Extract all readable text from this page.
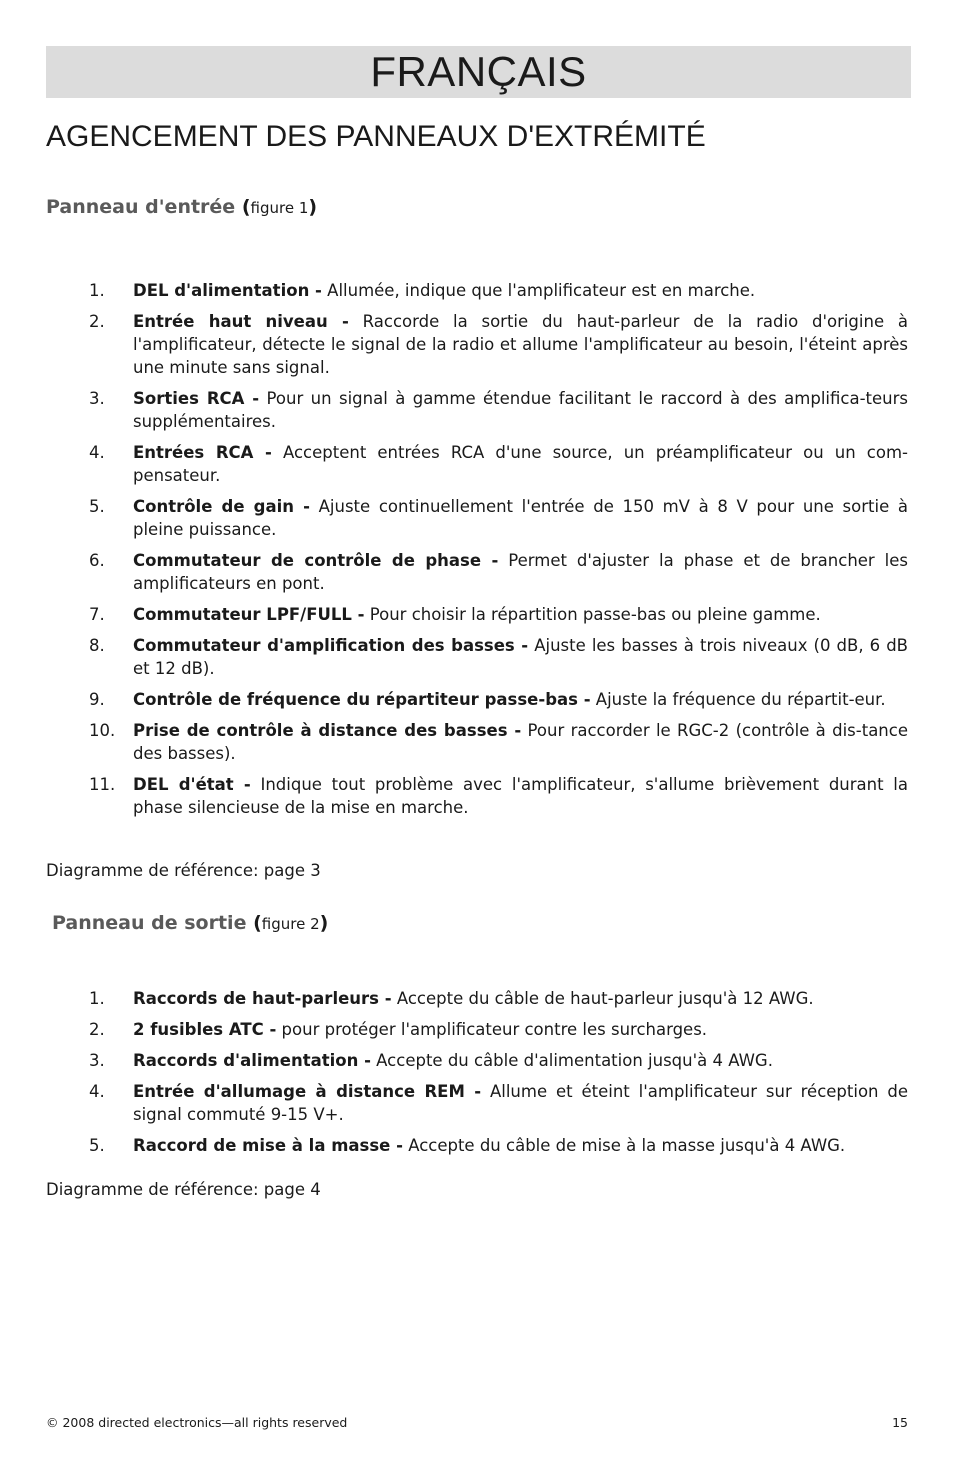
FRANÇAIS
AGENCEMENT DES PANNEAUX D'EXTRÉMITÉ
Panneau d'entrée (figure 1)
1. DEL d'alimentation - Allumée, indique que l'amplificateur est en marche.
2. Entrée haut niveau - Raccorde la sortie du haut-parleur de la radio d'origine à l'amplificateur, détecte le signal de la radio et allume l'amplificateur au besoin, l'éteint après une minute sans signal.
3. Sorties RCA - Pour un signal à gamme étendue facilitant le raccord à des amplifica-teurs supplémentaires.
4. Entrées RCA - Acceptent entrées RCA d'une source, un préamplificateur ou un com-pensateur.
5. Contrôle de gain - Ajuste continuellement l'entrée de 150 mV à 8 V pour une sortie à pleine puissance.
6. Commutateur de contrôle de phase - Permet d'ajuster la phase et de brancher les amplificateurs en pont.
7. Commutateur LPF/FULL - Pour choisir la répartition passe-bas ou pleine gamme.
8. Commutateur d'amplification des basses - Ajuste les basses à trois niveaux (0 dB, 6 dB et 12 dB).
9. Contrôle de fréquence du répartiteur passe-bas - Ajuste la fréquence du répartit-eur.
10. Prise de contrôle à distance des basses - Pour raccorder le RGC-2 (contrôle à dis-tance des basses).
11. DEL d'état - Indique tout problème avec l'amplificateur, s'allume brièvement durant la phase silencieuse de la mise en marche.

Diagramme de référence: page 3

Panneau de sortie (figure 2)
1. Raccords de haut-parleurs - Accepte du câble de haut-parleur jusqu'à 12 AWG.
2. 2 fusibles ATC - pour protéger l'amplificateur contre les surcharges.
3. Raccords d'alimentation - Accepte du câble d'alimentation jusqu'à 4 AWG.
4. Entrée d'allumage à distance REM - Allume et éteint l'amplificateur sur réception de signal commuté 9-15 V+.
5. Raccord de mise à la masse - Accepte du câble de mise à la masse jusqu'à 4 AWG.

Diagramme de référence: page 4

© 2008 directed electronics—all rights reserved	15
